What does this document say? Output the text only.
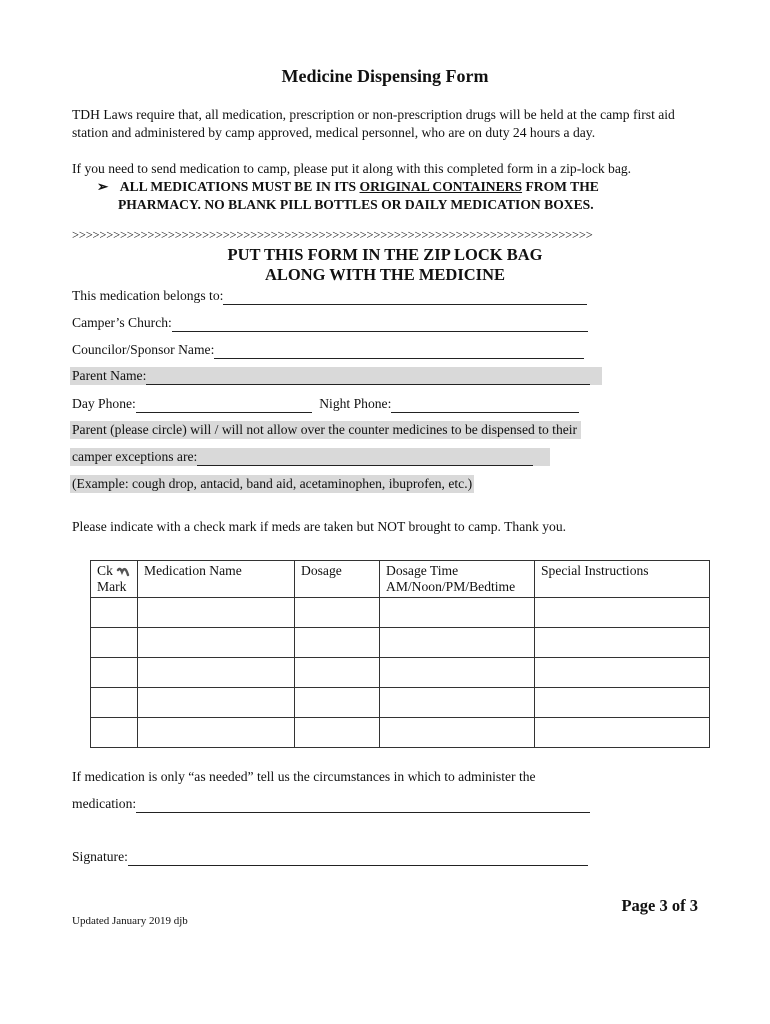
Medicine Dispensing Form
TDH Laws require that, all medication, prescription or non-prescription drugs will be held at the camp first aid station and administered by camp approved, medical personnel, who are on duty 24 hours a day.
If you need to send medication to camp, please put it along with this completed form in a zip-lock bag.
➢ ALL MEDICATIONS MUST BE IN ITS ORIGINAL CONTAINERS FROM THE
PHARMACY. NO BLANK PILL BOTTLES OR DAILY MEDICATION BOXES.
>>>>>>>>>>>>>>>>>>>>>>>>>>>>>>>>>>>>>>>>>>>>>>>>>>>>>>>>>>>>>>>>>>>>>>>>>>>>
PUT THIS FORM IN THE ZIP LOCK BAG
ALONG WITH THE MEDICINE
This medication belongs to:
Camper’s Church:
Councilor/Sponsor Name:
Parent Name:
Day Phone:	Night Phone:
Parent (please circle) will / will not allow over the counter medicines to be dispensed to their
camper exceptions are:
(Example: cough drop, antacid, band aid, acetaminophen, ibuprofen, etc.)
Please indicate with a check mark if meds are taken but NOT brought to camp. Thank you.
Ck
Mark	Medication Name	Dosage	Dosage Time
AM/Noon/PM/Bedtime	Special Instructions

If medication is only “as needed” tell us the circumstances in which to administer the
medication:
Signature:
Page 3 of 3
Updated January 2019 djb
